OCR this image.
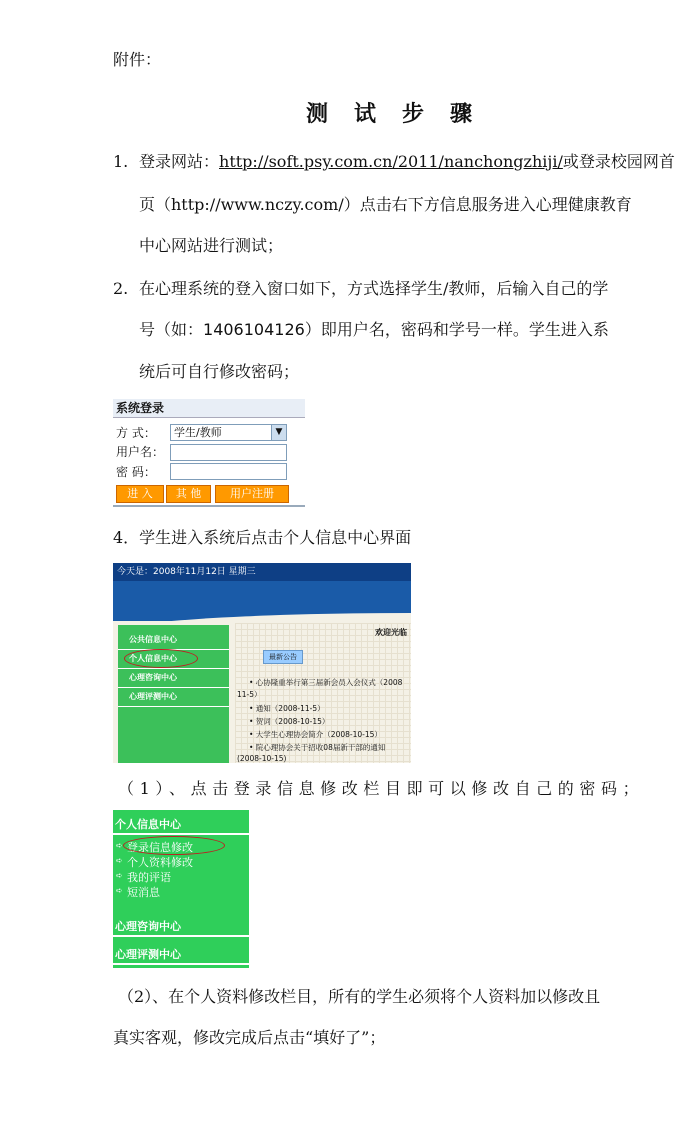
附件：
测试步骤
1. 登录网站：http://soft.psy.com.cn/2011/nanchongzhiji/或登录校园网首
页（http://www.nczy.com/）点击右下方信息服务进入心理健康教育
中心网站进行测试；
2. 在心理系统的登入窗口如下，方式选择学生/教师，后输入自己的学
号（如：1406104126）即用户名，密码和学号一样。学生进入系
统后可自行修改密码；
系统登录
方 式：	学生/教师	▼
用户名：
密 码：
进 入	其 他	用户注册
4．学生进入系统后点击个人信息中心界面
今天是：2008年11月12日 星期三
公共信息中心
个人信息中心
心理咨询中心
心理评测中心
欢迎光临
最新公告
• 心协隆重举行第三届新会员入会仪式（2008
11-5）
• 通知（2008-11-5）
• 贺词（2008-10-15）
• 大学生心理协会简介（2008-10-15）
• 院心理协会关于招收08届新干部的通知
(2008-10-15)
（1）、点击登录信息修改栏目即可以修改自己的密码；
个人信息中心
➪ 登录信息修改
➪ 个人资料修改
➪ 我的评语
➪ 短消息
心理咨询中心
心理评测中心
（2）、在个人资料修改栏目，所有的学生必须将个人资料加以修改且
真实客观，修改完成后点击“填好了”；
